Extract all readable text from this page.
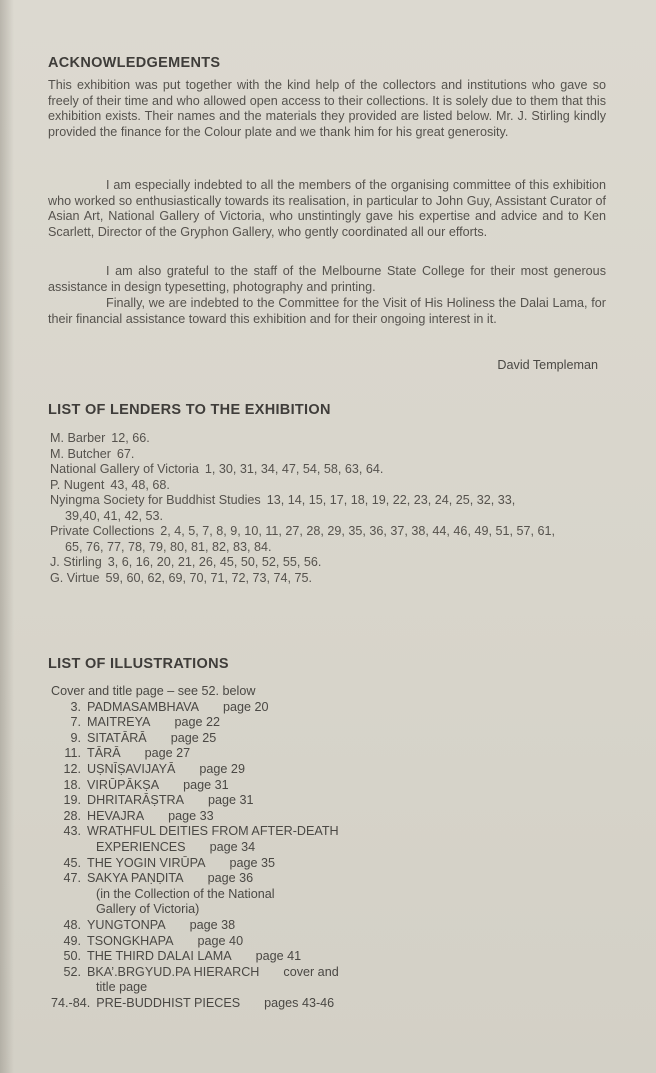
ACKNOWLEDGEMENTS

This exhibition was put together with the kind help of the collectors and institutions who gave so freely of their time and who allowed open access to their collections. It is solely due to them that this exhibition exists. Their names and the materials they provided are listed below. Mr. J. Stirling kindly provided the finance for the Colour plate and we thank him for his great generosity.

I am especially indebted to all the members of the organising committee of this exhibition who worked so enthusiastically towards its realisation, in particular to John Guy, Assistant Curator of Asian Art, National Gallery of Victoria, who unstintingly gave his expertise and advice and to Ken Scarlett, Director of the Gryphon Gallery, who gently coordinated all our efforts.

I am also grateful to the staff of the Melbourne State College for their most generous assistance in design typesetting, photography and printing.

Finally, we are indebted to the Committee for the Visit of His Holiness the Dalai Lama, for their financial assistance toward this exhibition and for their ongoing interest in it.

David Templeman
LIST OF LENDERS TO THE EXHIBITION
M. Barber 12, 66.
M. Butcher 67.
National Gallery of Victoria 1, 30, 31, 34, 47, 54, 58, 63, 64.
P. Nugent 43, 48, 68.
Nyingma Society for Buddhist Studies 13, 14, 15, 17, 18, 19, 22, 23, 24, 25, 32, 33,
39,40, 41, 42, 53.
Private Collections 2, 4, 5, 7, 8, 9, 10, 11, 27, 28, 29, 35, 36, 37, 38, 44, 46, 49, 51, 57, 61,
65, 76, 77, 78, 79, 80, 81, 82, 83, 84.
J. Stirling 3, 6, 16, 20, 21, 26, 45, 50, 52, 55, 56.
G. Virtue 59, 60, 62, 69, 70, 71, 72, 73, 74, 75.
LIST OF ILLUSTRATIONS
Cover and title page – see 52. below
3. PADMASAMBHAVA page 20
7. MAITREYA page 22
9. SITATĀRĀ page 25
11. TĀRĀ page 27
12. UṢNĪṢAVIJAYĀ page 29
18. VIRŪPĀKṢA page 31
19. DHRITARĀṢTRA page 31
28. HEVAJRA page 33
43. WRATHFUL DEITIES FROM AFTER-DEATH
EXPERIENCES page 34
45. THE YOGIN VIRŪPA page 35
47. SAKYA PAṆḌITA page 36
(in the Collection of the National
Gallery of Victoria)
48. YUNGTONPA page 38
49. TSONGKHAPA page 40
50. THE THIRD DALAI LAMA page 41
52. BKA’.BRGYUD.PA HIERARCH cover and
title page
74.-84. PRE-BUDDHIST PIECES pages 43-46
